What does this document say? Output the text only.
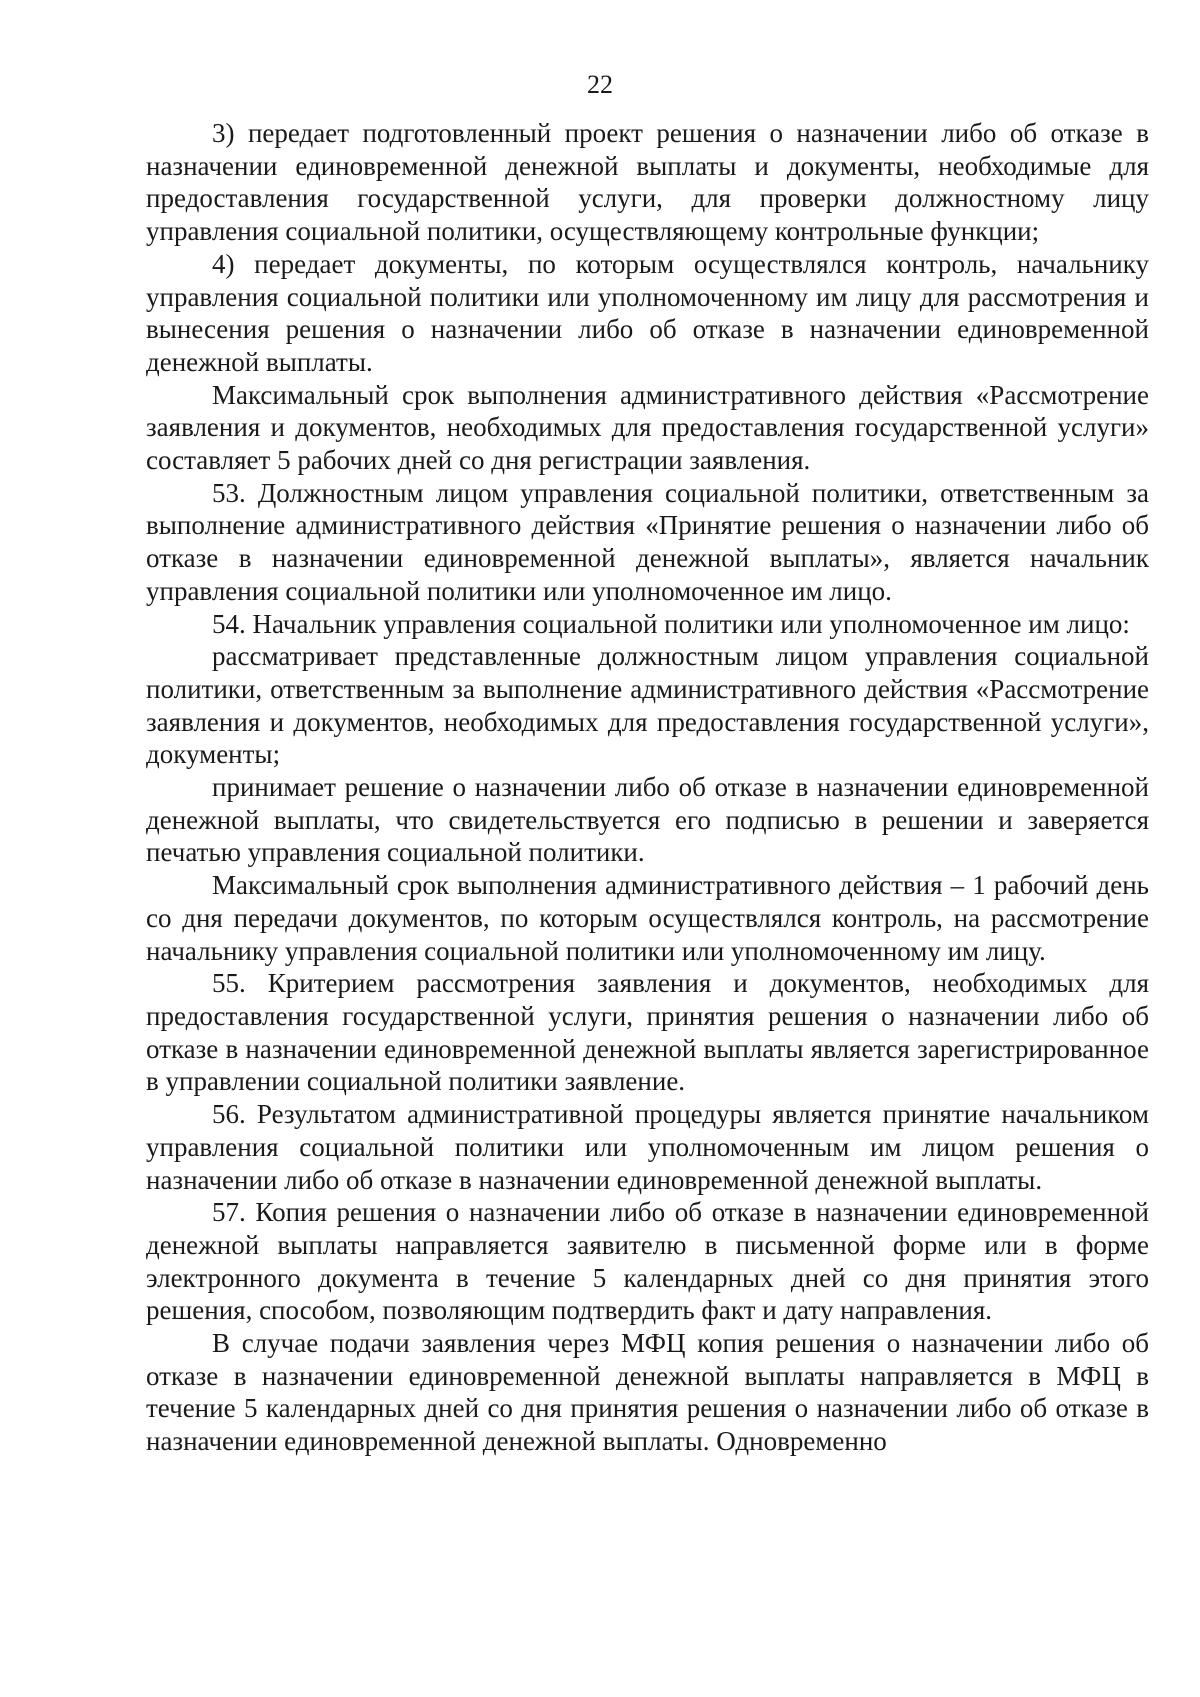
22

3) передает подготовленный проект решения о назначении либо об отказе в назначении единовременной денежной выплаты и документы, необходимые для предоставления государственной услуги, для проверки должностному лицу управления социальной политики, осуществляющему контрольные функции;

4) передает документы, по которым осуществлялся контроль, начальнику управления социальной политики или уполномоченному им лицу для рассмотрения и вынесения решения о назначении либо об отказе в назначении единовременной денежной выплаты.

Максимальный срок выполнения административного действия «Рассмотрение заявления и документов, необходимых для предоставления государственной услуги» составляет 5 рабочих дней со дня регистрации заявления.

53. Должностным лицом управления социальной политики, ответственным за выполнение административного действия «Принятие решения о назначении либо об отказе в назначении единовременной денежной выплаты», является начальник управления социальной политики или уполномоченное им лицо.

54. Начальник управления социальной политики или уполномоченное им лицо:

рассматривает представленные должностным лицом управления социальной политики, ответственным за выполнение административного действия «Рассмотрение заявления и документов, необходимых для предоставления государственной услуги», документы;

принимает решение о назначении либо об отказе в назначении единовременной денежной выплаты, что свидетельствуется его подписью в решении и заверяется печатью управления социальной политики.

Максимальный срок выполнения административного действия – 1 рабочий день со дня передачи документов, по которым осуществлялся контроль, на рассмотрение начальнику управления социальной политики или уполномоченному им лицу.

55. Критерием рассмотрения заявления и документов, необходимых для предоставления государственной услуги, принятия решения о назначении либо об отказе в назначении единовременной денежной выплаты является зарегистрированное в управлении социальной политики заявление.

56. Результатом административной процедуры является принятие начальником управления социальной политики или уполномоченным им лицом решения о назначении либо об отказе в назначении единовременной денежной выплаты.

57. Копия решения о назначении либо об отказе в назначении единовременной денежной выплаты направляется заявителю в письменной форме или в форме электронного документа в течение 5 календарных дней со дня принятия этого решения, способом, позволяющим подтвердить факт и дату направления.

В случае подачи заявления через МФЦ копия решения о назначении либо об отказе в назначении единовременной денежной выплаты направляется в МФЦ в течение 5 календарных дней со дня принятия решения о назначении либо об отказе в назначении единовременной денежной выплаты. Одновременно
